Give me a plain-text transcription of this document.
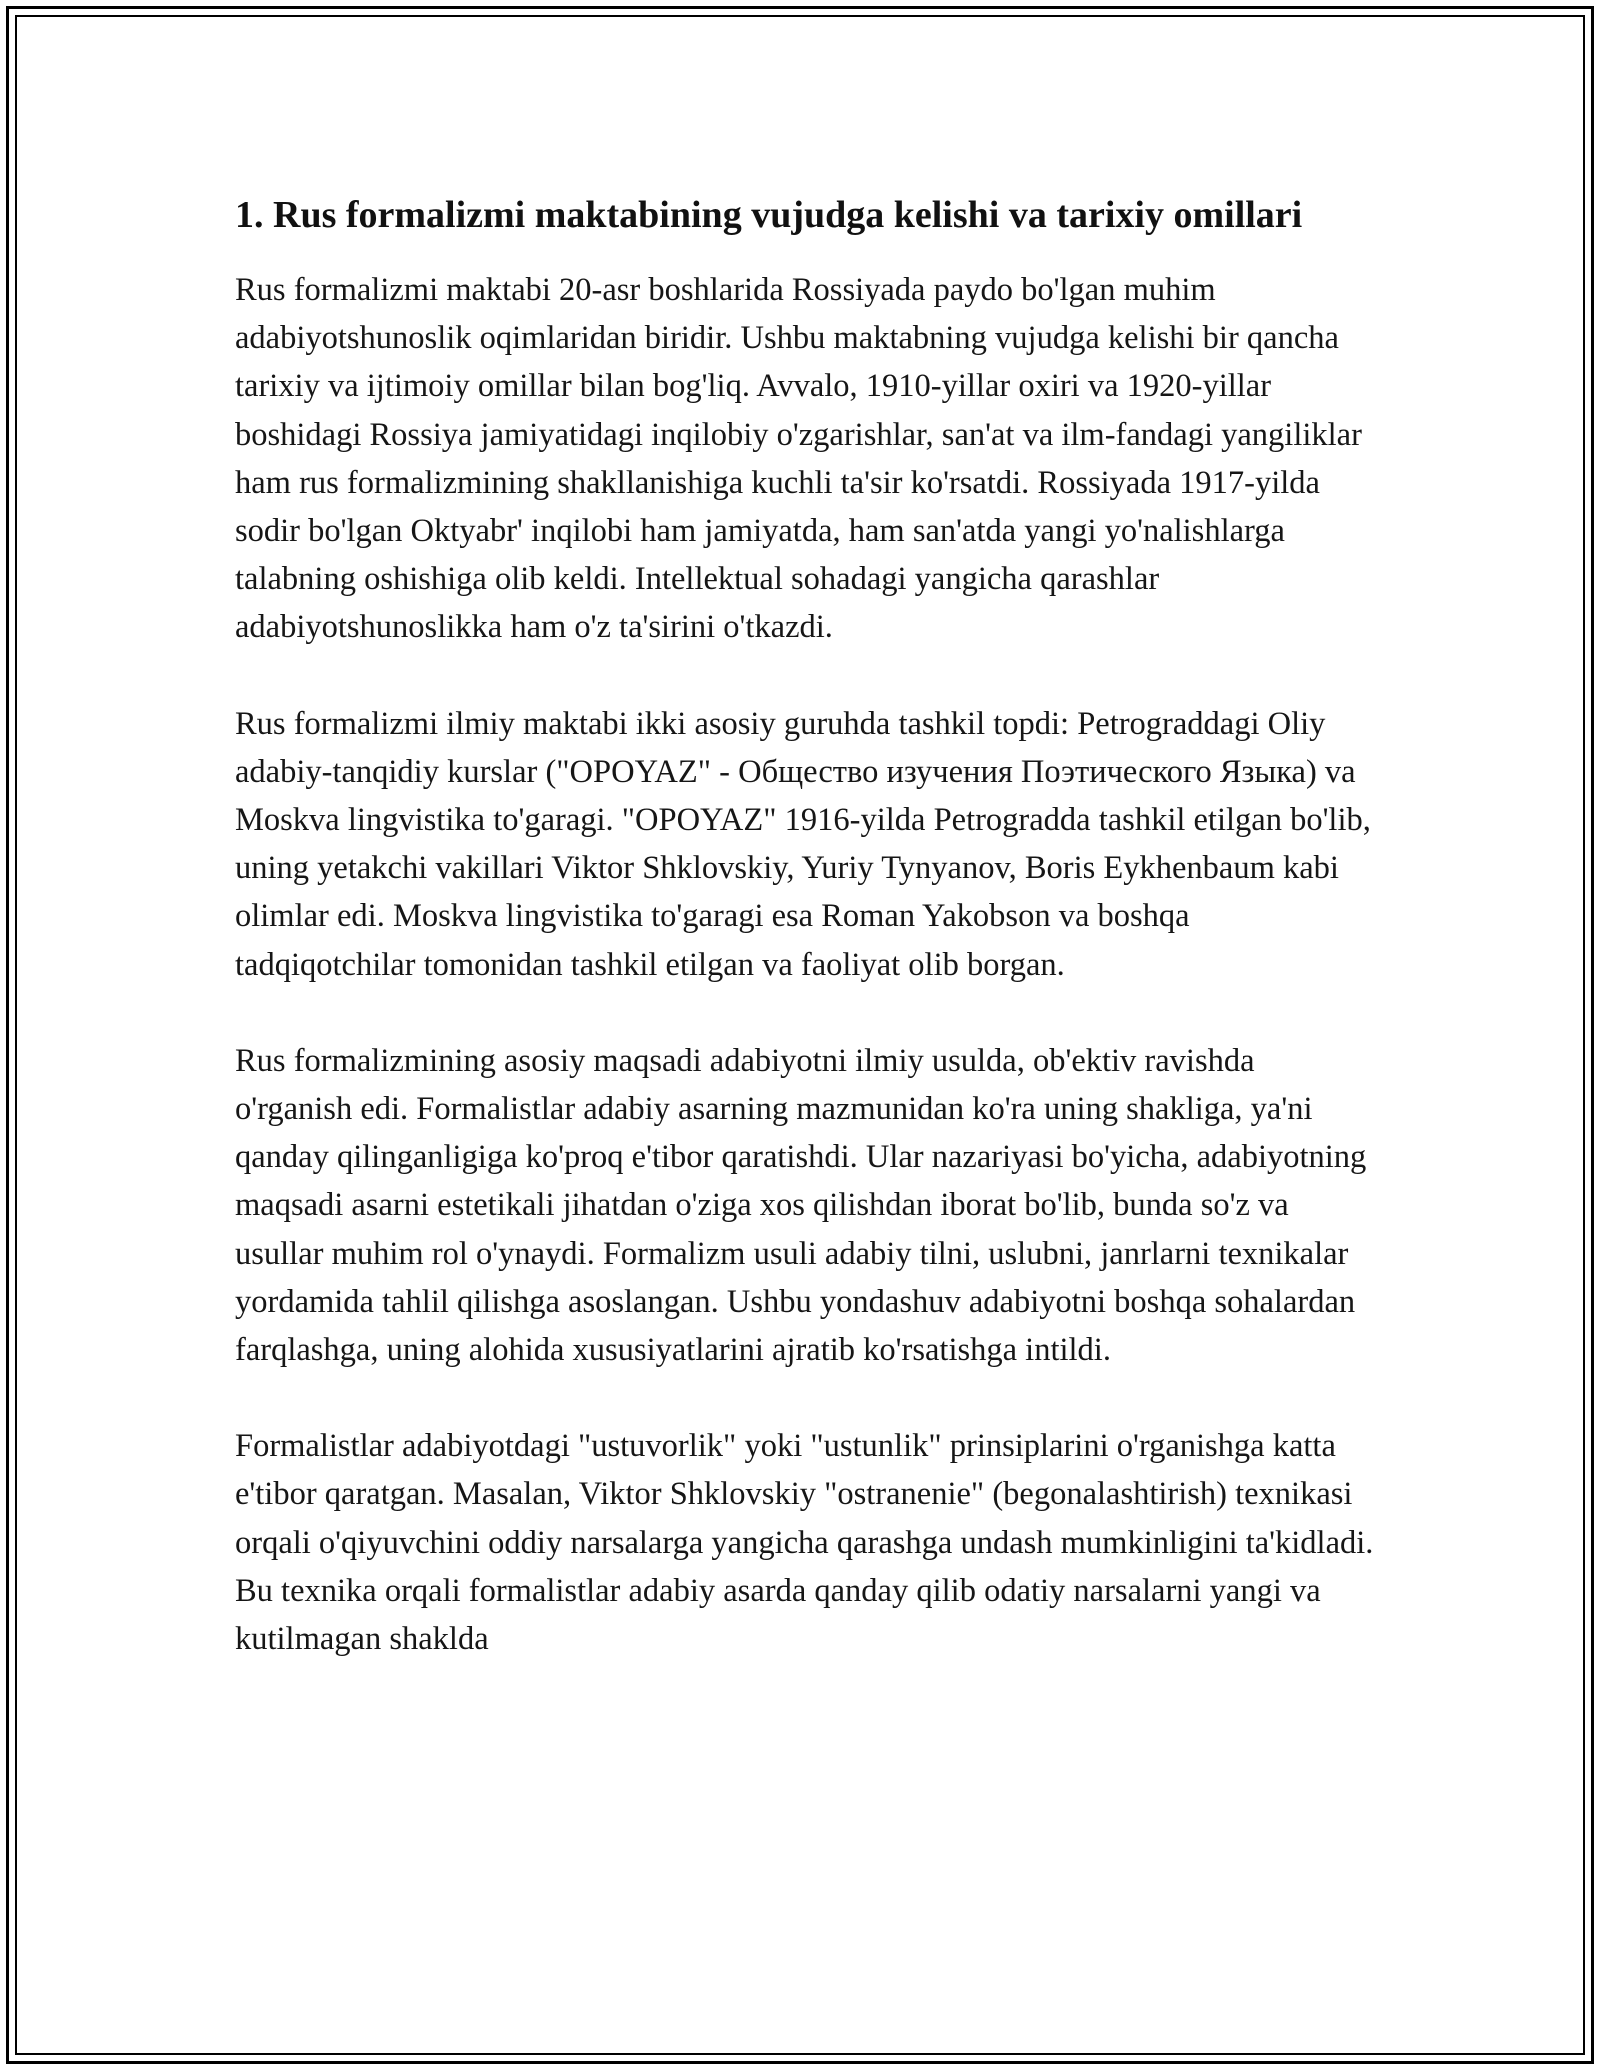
1. Rus formalizmi maktabining vujudga kelishi va tarixiy omillari

Rus formalizmi maktabi 20-asr boshlarida Rossiyada paydo bo'lgan muhim adabiyotshunoslik oqimlaridan biridir. Ushbu maktabning vujudga kelishi bir qancha tarixiy va ijtimoiy omillar bilan bog'liq. Avvalo, 1910-yillar oxiri va 1920-yillar boshidagi Rossiya jamiyatidagi inqilobiy o'zgarishlar, san'at va ilm-fandagi yangiliklar ham rus formalizmining shakllanishiga kuchli ta'sir ko'rsatdi. Rossiyada 1917-yilda sodir bo'lgan Oktyabr' inqilobi ham jamiyatda, ham san'atda yangi yo'nalishlarga talabning oshishiga olib keldi. Intellektual sohadagi yangicha qarashlar adabiyotshunoslikka ham o'z ta'sirini o'tkazdi.

Rus formalizmi ilmiy maktabi ikki asosiy guruhda tashkil topdi: Petrograddagi Oliy adabiy-tanqidiy kurslar ("OPOYAZ" - Общество изучения Поэтического Языка) va Moskva lingvistika to'garagi. "OPOYAZ" 1916-yilda Petrogradda tashkil etilgan bo'lib, uning yetakchi vakillari Viktor Shklovskiy, Yuriy Tynyanov, Boris Eykhenbaum kabi olimlar edi. Moskva lingvistika to'garagi esa Roman Yakobson va boshqa tadqiqotchilar tomonidan tashkil etilgan va faoliyat olib borgan.

Rus formalizmining asosiy maqsadi adabiyotni ilmiy usulda, ob'ektiv ravishda o'rganish edi. Formalistlar adabiy asarning mazmunidan ko'ra uning shakliga, ya'ni qanday qilinganligiga ko'proq e'tibor qaratishdi. Ular nazariyasi bo'yicha, adabiyotning maqsadi asarni estetikali jihatdan o'ziga xos qilishdan iborat bo'lib, bunda so'z va usullar muhim rol o'ynaydi. Formalizm usuli adabiy tilni, uslubni, janrlarni texnikalar yordamida tahlil qilishga asoslangan. Ushbu yondashuv adabiyotni boshqa sohalardan farqlashga, uning alohida xususiyatlarini ajratib ko'rsatishga intildi.

Formalistlar adabiyotdagi "ustuvorlik" yoki "ustunlik" prinsiplarini o'rganishga katta e'tibor qaratgan. Masalan, Viktor Shklovskiy "ostranenie" (begonalashtirish) texnikasi orqali o'qiyuvchini oddiy narsalarga yangicha qarashga undash mumkinligini ta'kidladi. Bu texnika orqali formalistlar adabiy asarda qanday qilib odatiy narsalarni yangi va kutilmagan shaklda
